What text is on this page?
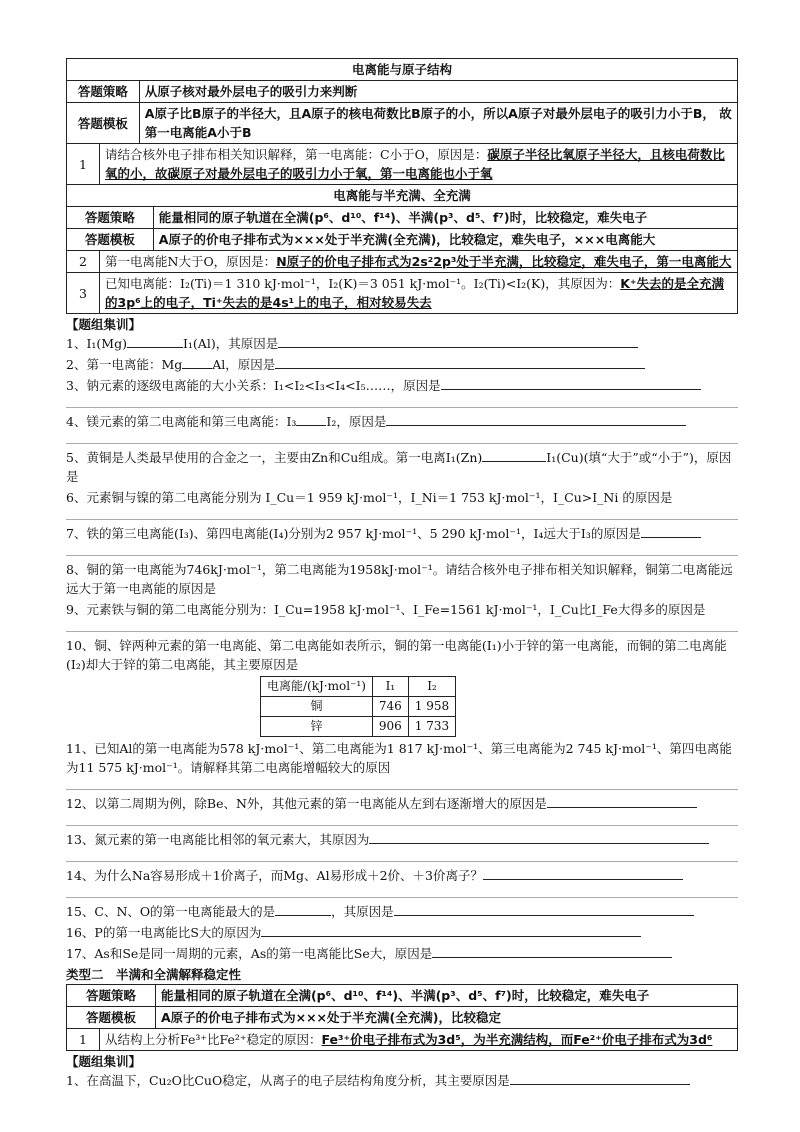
电离能与原子结构		
答题策略		从原子核对最外层电子的吸引力来判断
答题模板		A原子比B原子的半径大，且A原子的核电荷数比B原子的小，所以A原子对最外层电子的吸引力小于B， 故第一电离能A小于B
1	请结合核外电子排布相关知识解释，第一电离能：C小于O，原因是：碳原子半径比氧原子半径大，且核电荷数比氧的小，故碳原子对最外层电子的吸引力小于氧，第一电离能也小于氧	
电离能与半充满、全充满		
答题策略		能量相同的原子轨道在全满(p⁶、d¹⁰、f¹⁴)、半满(p³、d⁵、f⁷)时，比较稳定，难失电子
答题模板		A原子的价电子排布式为×××处于半充满(全充满)，比较稳定，难失电子，×××电离能大
2	第一电离能N大于O，原因是：N原子的价电子排布式为2s²2p³处于半充满，比较稳定，难失电子，第一电离能大	
3	已知电离能：I₂(Ti)＝1 310 kJ·mol⁻¹，I₂(K)＝3 051 kJ·mol⁻¹。I₂(Ti)<I₂(K)，其原因为：K⁺失去的是全充满的3p⁶上的电子，Ti⁺失去的是4s¹上的电子，相对较易失去	
【题组集训】

1、I₁(Mg)	I₁(Al)，其原因是

2、第一电离能：Mg Al，原因是

3、钠元素的逐级电离能的大小关系：I₁<I₂<I₃<I₄<I₅……，原因是

4、镁元素的第二电离能和第三电离能：I₃ I₂，原因是

5、黄铜是人类最早使用的合金之一，主要由Zn和Cu组成。第一电离I₁(Zn)	I₁(Cu)(填“大于”或“小于”)，原因是

6、元素铜与镍的第二电离能分别为 I_Cu＝1 959 kJ·mol⁻¹，I_Ni＝1 753 kJ·mol⁻¹，I_Cu>I_Ni 的原因是

7、铁的第三电离能(I₃)、第四电离能(I₄)分别为2 957 kJ·mol⁻¹、5 290 kJ·mol⁻¹，I₄远大于I₃的原因是

8、铜的第一电离能为746kJ·mol⁻¹，第二电离能为1958kJ·mol⁻¹。请结合核外电子排布相关知识解释，铜第二电离能远远大于第一电离能的原因是

9、元素铁与铜的第二电离能分别为：I_Cu=1958 kJ·mol⁻¹、I_Fe=1561 kJ·mol⁻¹，I_Cu比I_Fe大得多的原因是

10、铜、锌两种元素的第一电离能、第二电离能如表所示，铜的第一电离能(I₁)小于锌的第一电离能，而铜的第二电离能(I₂)却大于锌的第二电离能，其主要原因是

电离能/(kJ·mol⁻¹)	I₁	I₂
铜	746	1 958
锌	906	1 733

11、已知Al的第一电离能为578 kJ·mol⁻¹、第二电离能为1 817 kJ·mol⁻¹、第三电离能为2 745 kJ·mol⁻¹、第四电离能为11 575 kJ·mol⁻¹。请解释其第二电离能增幅较大的原因

12、以第二周期为例，除Be、N外，其他元素的第一电离能从左到右逐渐增大的原因是

13、氮元素的第一电离能比相邻的氧元素大，其原因为

14、为什么Na容易形成＋1价离子，而Mg、Al易形成＋2价、＋3价离子？

15、C、N、O的第一电离能最大的是	，其原因是

16、P的第一电离能比S大的原因为

17、As和Se是同一周期的元素，As的第一电离能比Se大，原因是

类型二　半满和全满解释稳定性
答题策略		能量相同的原子轨道在全满(p⁶、d¹⁰、f¹⁴)、半满(p³、d⁵、f⁷)时，比较稳定，难失电子
答题模板		A原子的价电子排布式为×××处于半充满(全充满)，比较稳定
1	从结构上分析Fe³⁺比Fe²⁺稳定的原因：Fe³⁺价电子排布式为3d⁵，为半充满结构，而Fe²⁺价电子排布式为3d⁶	
【题组集训】

1、在高温下，Cu₂O比CuO稳定，从离子的电子层结构角度分析，其主要原因是
